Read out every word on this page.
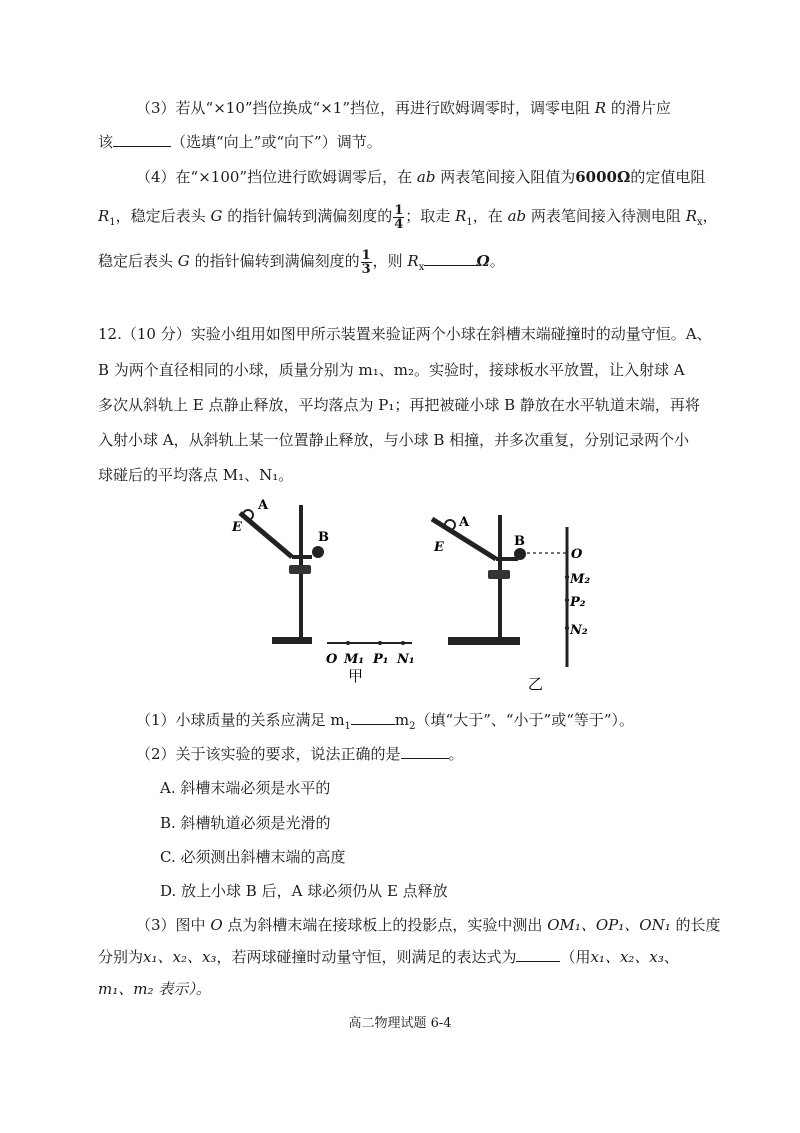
（3）若从“×10”挡位换成“×1”挡位，再进行欧姆调零时，调零电阻 R 的滑片应
该	（选填“向上”或“向下”）调节。
（4）在“×100”挡位进行欧姆调零后，在 ab 两表笔间接入阻值为6000Ω的定值电阻
$R_1$，稳定后表头 G 的指针偏转到满偏刻度的 $\frac{1}{4}$ ；取走 $R_1$，在 ab 两表笔间接入待测电阻 $R_x$，
稳定后表头 G 的指针偏转到满偏刻度的 $\frac{1}{3}$ ，则 $R_x$	Ω。
12.（10 分）实验小组用如图甲所示装置来验证两个小球在斜槽末端碰撞时的动量守恒。A、
B 为两个直径相同的小球，质量分别为 m₁、m₂。实验时，接球板水平放置，让入射球 A
多次从斜轨上 E 点静止释放，平均落点为 P₁；再把被碰小球 B 静放在水平轨道末端，再将
入射小球 A，从斜轨上某一位置静止释放，与小球 B 相撞，并多次重复，分别记录两个小
球碰后的平均落点 M₁、N₁。
A
E
B
O M₁ P₁ N₁
甲
A
E	B
O
M₂
P₂
N₂
乙
（1）小球质量的关系应满足 $m_1$	$m_2$（填“大于”、“小于”或“等于”）。
（2）关于该实验的要求，说法正确的是	。
A. 斜槽末端必须是水平的
B. 斜槽轨道必须是光滑的
C. 必须测出斜槽末端的高度
D. 放上小球 B 后，A 球必须仍从 E 点释放
（3）图中 O 点为斜槽末端在接球板上的投影点，实验中测出 OM₁、OP₁、ON₁ 的长度
分别为x₁、x₂、x₃，若两球碰撞时动量守恒，则满足的表达式为	（用x₁、x₂、x₃、
m₁、m₂ 表示）。
高二物理试题 6-4
